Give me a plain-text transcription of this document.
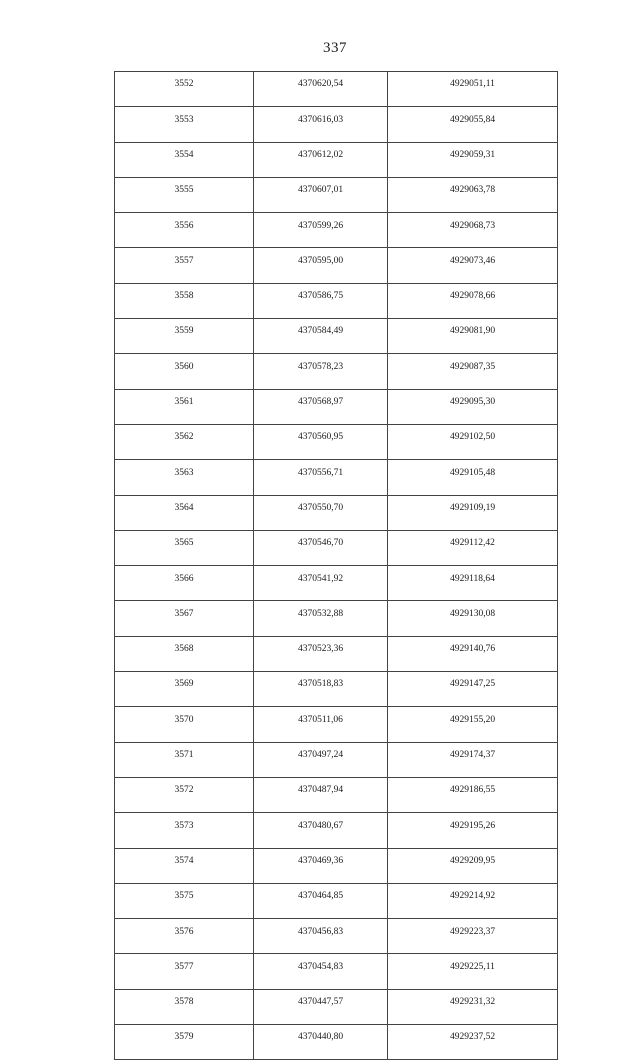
337
3552	4370620,54	4929051,11
3553	4370616,03	4929055,84
3554	4370612,02	4929059,31
3555	4370607,01	4929063,78
3556	4370599,26	4929068,73
3557	4370595,00	4929073,46
3558	4370586,75	4929078,66
3559	4370584,49	4929081,90
3560	4370578,23	4929087,35
3561	4370568,97	4929095,30
3562	4370560,95	4929102,50
3563	4370556,71	4929105,48
3564	4370550,70	4929109,19
3565	4370546,70	4929112,42
3566	4370541,92	4929118,64
3567	4370532,88	4929130,08
3568	4370523,36	4929140,76
3569	4370518,83	4929147,25
3570	4370511,06	4929155,20
3571	4370497,24	4929174,37
3572	4370487,94	4929186,55
3573	4370480,67	4929195,26
3574	4370469,36	4929209,95
3575	4370464,85	4929214,92
3576	4370456,83	4929223,37
3577	4370454,83	4929225,11
3578	4370447,57	4929231,32
3579	4370440,80	4929237,52
